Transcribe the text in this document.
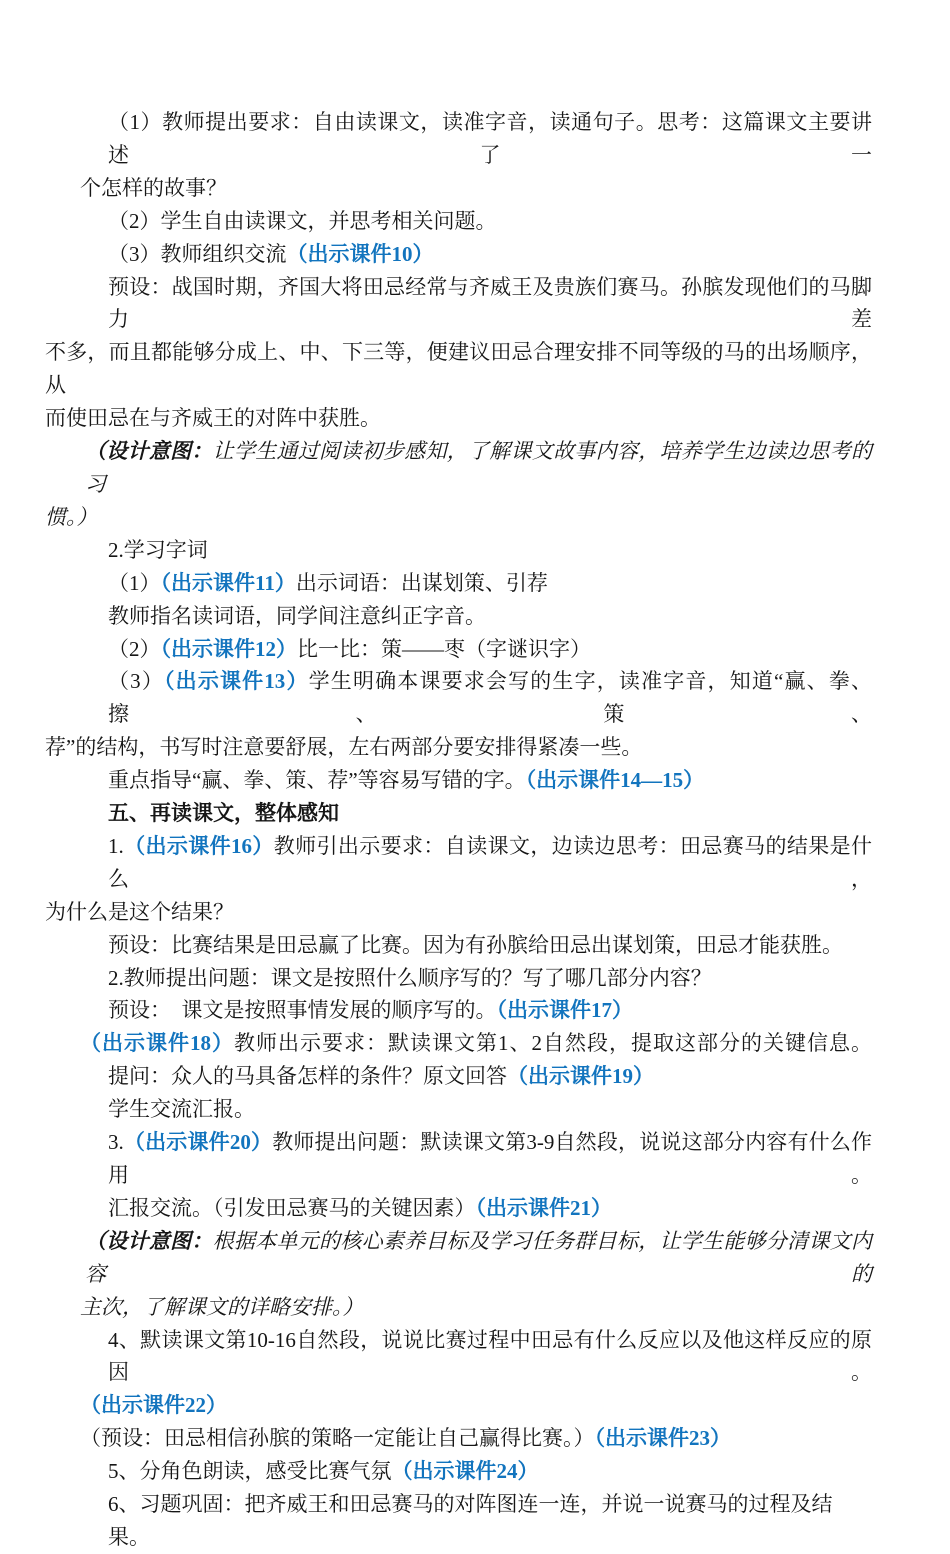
（1）教师提出要求：自由读课文，读准字音，读通句子。思考：这篇课文主要讲述了一
个怎样的故事？
（2）学生自由读课文，并思考相关问题。
（3）教师组织交流（出示课件10）
预设：战国时期，齐国大将田忌经常与齐威王及贵族们赛马。孙膑发现他们的马脚力差
不多，而且都能够分成上、中、下三等，便建议田忌合理安排不同等级的马的出场顺序，从
而使田忌在与齐威王的对阵中获胜。
（设计意图：让学生通过阅读初步感知，了解课文故事内容，培养学生边读边思考的习
惯。）
2.学习字词
（1）（出示课件11）出示词语：出谋划策、引荐
教师指名读词语，同学间注意纠正字音。
（2）（出示课件12）比一比：策——枣（字谜识字）
（3）（出示课件13）学生明确本课要求会写的生字，读准字音，知道“赢、拳、擦、策、
荐”的结构，书写时注意要舒展，左右两部分要安排得紧凑一些。
重点指导“赢、拳、策、荐”等容易写错的字。（出示课件14—15）
五、再读课文，整体感知
1.（出示课件16）教师引出示要求：自读课文，边读边思考：田忌赛马的结果是什么，
为什么是这个结果？
预设：比赛结果是田忌赢了比赛。因为有孙膑给田忌出谋划策，田忌才能获胜。
2.教师提出问题：课文是按照什么顺序写的？写了哪几部分内容？
预设：　课文是按照事情发展的顺序写的。（出示课件17）
（出示课件18）教师出示要求：默读课文第1、2自然段，提取这部分的关键信息。
提问：众人的马具备怎样的条件？原文回答（出示课件19）
学生交流汇报。
3.（出示课件20）教师提出问题：默读课文第3-9自然段，说说这部分内容有什么作用。
汇报交流。（引发田忌赛马的关键因素）（出示课件21）
（设计意图：根据本单元的核心素养目标及学习任务群目标，让学生能够分清课文内容的
主次，了解课文的详略安排。）
4、默读课文第10-16自然段，说说比赛过程中田忌有什么反应以及他这样反应的原因。
（出示课件22）
（预设：田忌相信孙膑的策略一定能让自己赢得比赛。）（出示课件23）
5、分角色朗读，感受比赛气氛（出示课件24）
6、习题巩固：把齐威王和田忌赛马的对阵图连一连，并说一说赛马的过程及结果。
